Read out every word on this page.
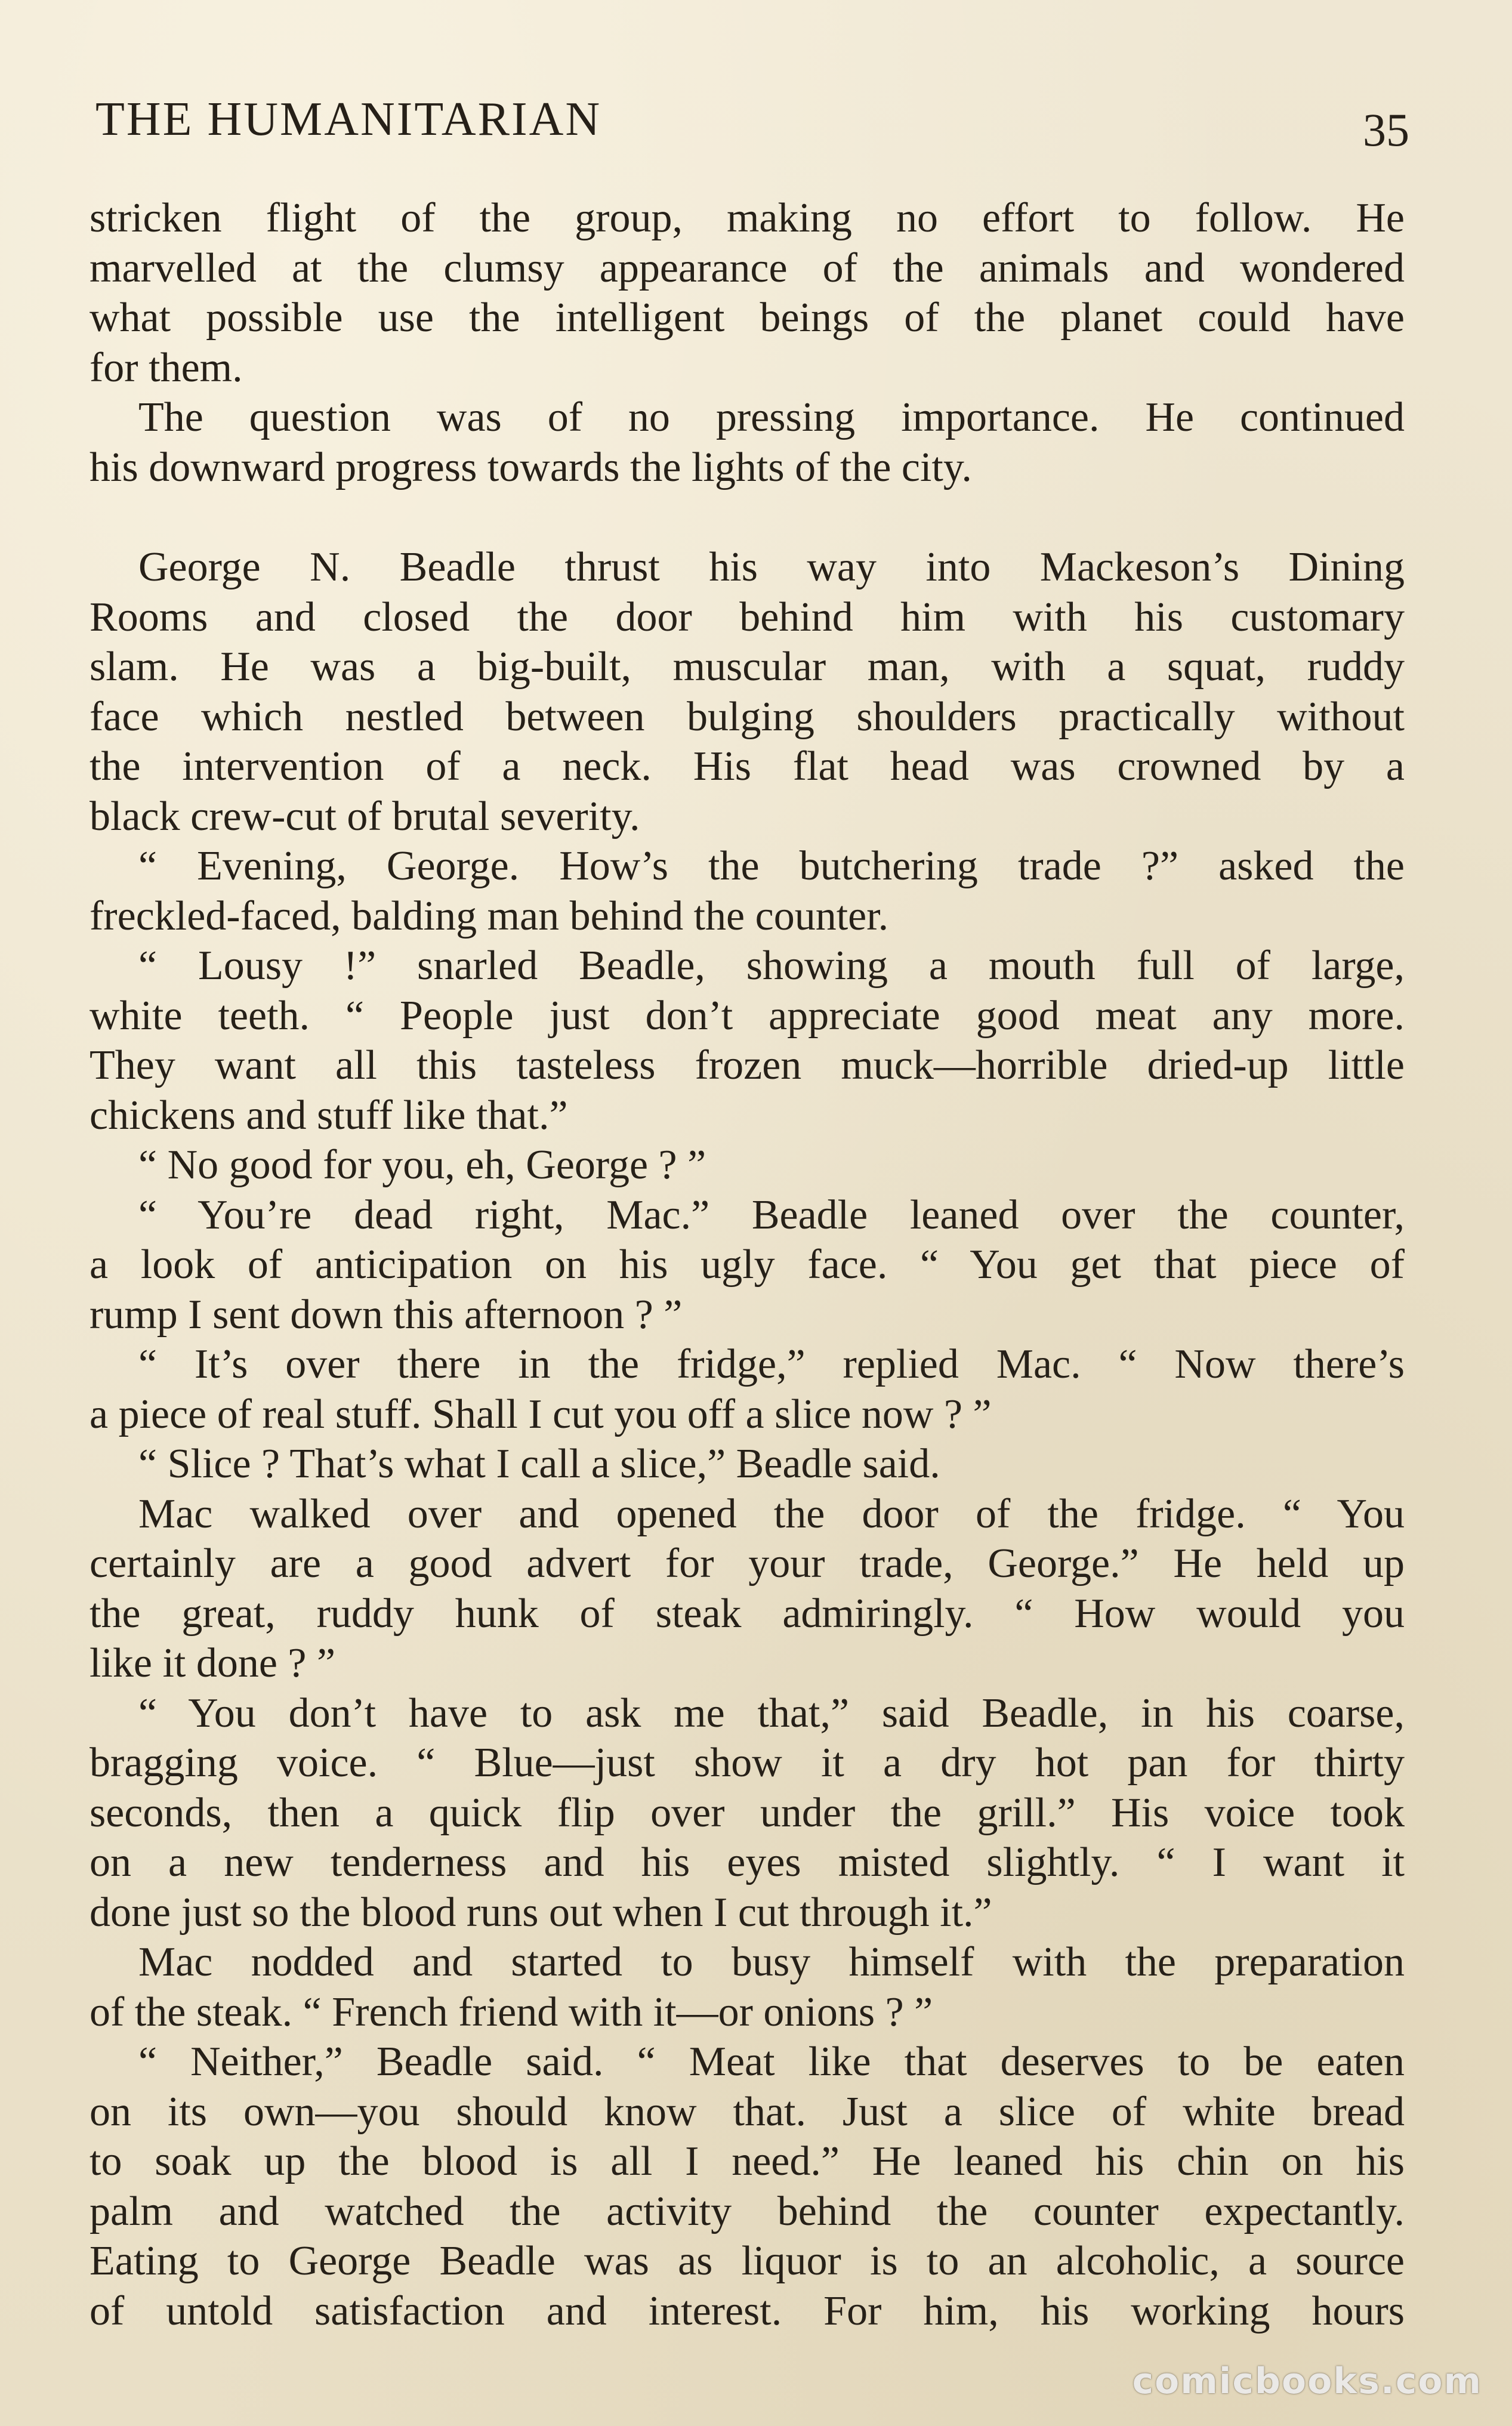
THE HUMANITARIAN	35
stricken flight of the group, making no effort to follow. He
marvelled at the clumsy appearance of the animals and wondered
what possible use the intelligent beings of the planet could have
for them.
The question was of no pressing importance. He continued
his downward progress towards the lights of the city.
George N. Beadle thrust his way into Mackeson’s Dining
Rooms and closed the door behind him with his customary
slam. He was a big-built, muscular man, with a squat, ruddy
face which nestled between bulging shoulders practically without
the intervention of a neck. His flat head was crowned by a
black crew-cut of brutal severity.
“ Evening, George. How’s the butchering trade ?” asked the
freckled-faced, balding man behind the counter.
“ Lousy !” snarled Beadle, showing a mouth full of large,
white teeth. “ People just don’t appreciate good meat any more.
They want all this tasteless frozen muck—horrible dried-up little
chickens and stuff like that.”
“ No good for you, eh, George ? ”
“ You’re dead right, Mac.” Beadle leaned over the counter,
a look of anticipation on his ugly face. “ You get that piece of
rump I sent down this afternoon ? ”
“ It’s over there in the fridge,” replied Mac. “ Now there’s
a piece of real stuff. Shall I cut you off a slice now ? ”
“ Slice ? That’s what I call a slice,” Beadle said.
Mac walked over and opened the door of the fridge. “ You
certainly are a good advert for your trade, George.” He held up
the great, ruddy hunk of steak admiringly. “ How would you
like it done ? ”
“ You don’t have to ask me that,” said Beadle, in his coarse,
bragging voice. “ Blue—just show it a dry hot pan for thirty
seconds, then a quick flip over under the grill.” His voice took
on a new tenderness and his eyes misted slightly. “ I want it
done just so the blood runs out when I cut through it.”
Mac nodded and started to busy himself with the preparation
of the steak. “ French friend with it—or onions ? ”
“ Neither,” Beadle said. “ Meat like that deserves to be eaten
on its own—you should know that. Just a slice of white bread
to soak up the blood is all I need.” He leaned his chin on his
palm and watched the activity behind the counter expectantly.
Eating to George Beadle was as liquor is to an alcoholic, a source
of untold satisfaction and interest. For him, his working hours
comicbooks.com
